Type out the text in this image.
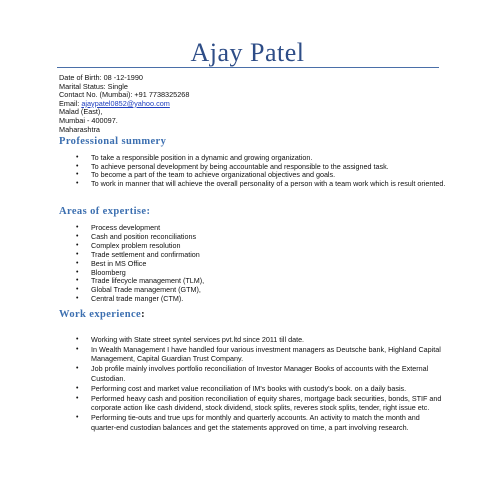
Ajay Patel
Date of Birth: 08 -12-1990
Marital Status: Single
Contact No. (Mumbai): +91 7738325268
Email: ajaypatel0852@yahoo.com
Malad (East),
Mumbai - 400097.
Maharashtra
Professional summery
• To take a responsible position in a dynamic and growing organization.
• To achieve personal development by being accountable and responsible to the assigned task.
• To become a part of the team to achieve organizational objectives and goals.
• To work in manner that will achieve the overall personality of a person with a team work which is result oriented.
Areas of expertise:
• Process development
• Cash and position reconciliations
• Complex problem resolution
• Trade settlement and confirmation
• Best in MS Office
• Bloomberg
• Trade lifecycle management (TLM),
• Global Trade management (GTM),
• Central trade manger (CTM).
Work experience:
• Working with State street syntel services pvt.ltd since 2011 till date.
• In Wealth Management I have handled four various investment managers as Deutsche bank, Highland Capital Management, Capital Guardian Trust Company.
• Job profile mainly involves portfolio reconciliation of Investor Manager Books of accounts with the External Custodian.
• Performing cost and market value reconciliation of IM's books with custody's book. on a daily basis.
• Performed heavy cash and position reconciliation of equity shares, mortgage back securities, bonds, STIF and corporate action like cash dividend, stock dividend, stock splits, reveres stock splits, tender, right issue etc.
• Performing tie-outs and true ups for monthly and quarterly accounts. An activity to match the month and quarter-end custodian balances and get the statements approved on time, a part involving research.
